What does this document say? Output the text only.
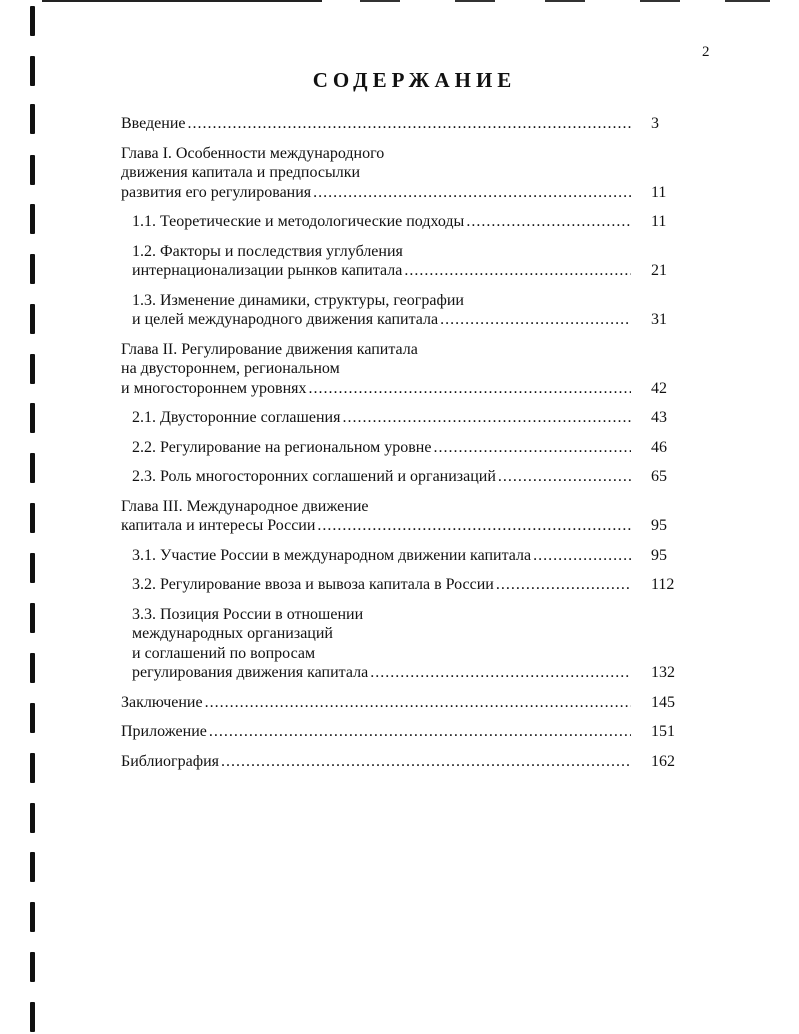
2
СОДЕРЖАНИЕ
Введение .....	3
Глава I. Особенности международного
движения капитала и предпосылки
развития его регулирования .....	11
1.1. Теоретические и методологические подходы .....	11
1.2. Факторы и последствия углубления
интернационализации рынков капитала .....	21
1.3. Изменение динамики, структуры, географии
и целей международного движения капитала .....	31
Глава II. Регулирование движения капитала
на двустороннем, региональном
и многостороннем уровнях .....	42
2.1. Двусторонние соглашения .....	43
2.2. Регулирование на региональном уровне .....	46
2.3. Роль многосторонних соглашений и организаций .....	65
Глава III. Международное движение
капитала и интересы России .....	95
3.1. Участие России в международном движении капитала .....	95
3.2. Регулирование ввоза и вывоза капитала в России .....	112
3.3. Позиция России в отношении
международных организаций
и соглашений по вопросам
регулирования движения капитала .....	132
Заключение .....	145
Приложение .....	151
Библиография .....	162
